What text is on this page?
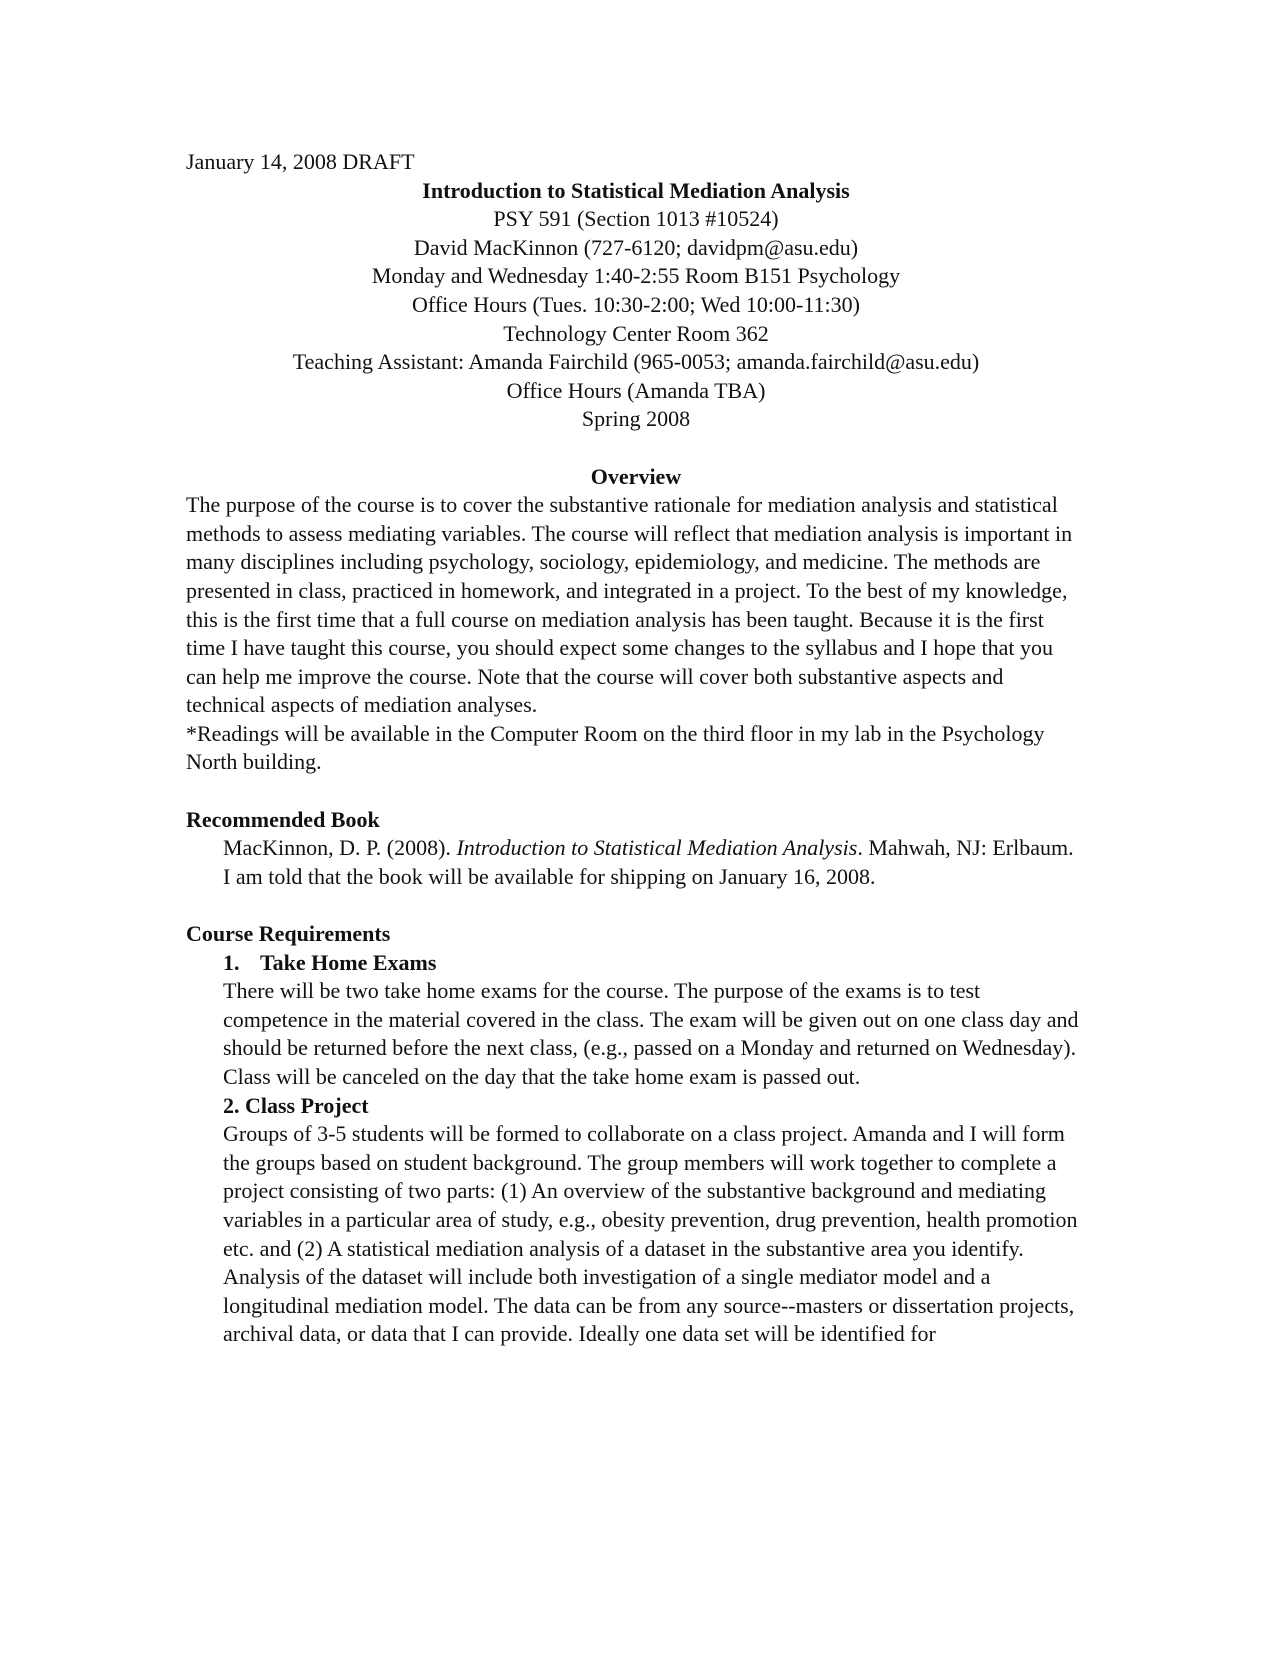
January 14, 2008 DRAFT

Introduction to Statistical Mediation Analysis

PSY 591 (Section 1013 #10524)

David MacKinnon (727-6120; davidpm@asu.edu)

Monday and Wednesday 1:40-2:55 Room B151 Psychology

Office Hours (Tues. 10:30-2:00; Wed 10:00-11:30)

Technology Center Room 362

Teaching Assistant: Amanda Fairchild (965-0053; amanda.fairchild@asu.edu)

Office Hours (Amanda TBA)

Spring 2008

Overview

The purpose of the course is to cover the substantive rationale for mediation analysis and statistical methods to assess mediating variables. The course will reflect that mediation analysis is important in many disciplines including psychology, sociology, epidemiology, and medicine. The methods are presented in class, practiced in homework, and integrated in a project. To the best of my knowledge, this is the first time that a full course on mediation analysis has been taught. Because it is the first time I have taught this course, you should expect some changes to the syllabus and I hope that you can help me improve the course. Note that the course will cover both substantive aspects and technical aspects of mediation analyses.

*Readings will be available in the Computer Room on the third floor in my lab in the Psychology North building.

Recommended Book

MacKinnon, D. P. (2008). Introduction to Statistical Mediation Analysis. Mahwah, NJ: Erlbaum. I am told that the book will be available for shipping on January 16, 2008.

Course Requirements

1. Take Home Exams

There will be two take home exams for the course. The purpose of the exams is to test competence in the material covered in the class. The exam will be given out on one class day and should be returned before the next class, (e.g., passed on a Monday and returned on Wednesday). Class will be canceled on the day that the take home exam is passed out.

2. Class Project

Groups of 3-5 students will be formed to collaborate on a class project. Amanda and I will form the groups based on student background. The group members will work together to complete a project consisting of two parts: (1) An overview of the substantive background and mediating variables in a particular area of study, e.g., obesity prevention, drug prevention, health promotion etc. and (2) A statistical mediation analysis of a dataset in the substantive area you identify. Analysis of the dataset will include both investigation of a single mediator model and a longitudinal mediation model. The data can be from any source--masters or dissertation projects, archival data, or data that I can provide. Ideally one data set will be identified for
